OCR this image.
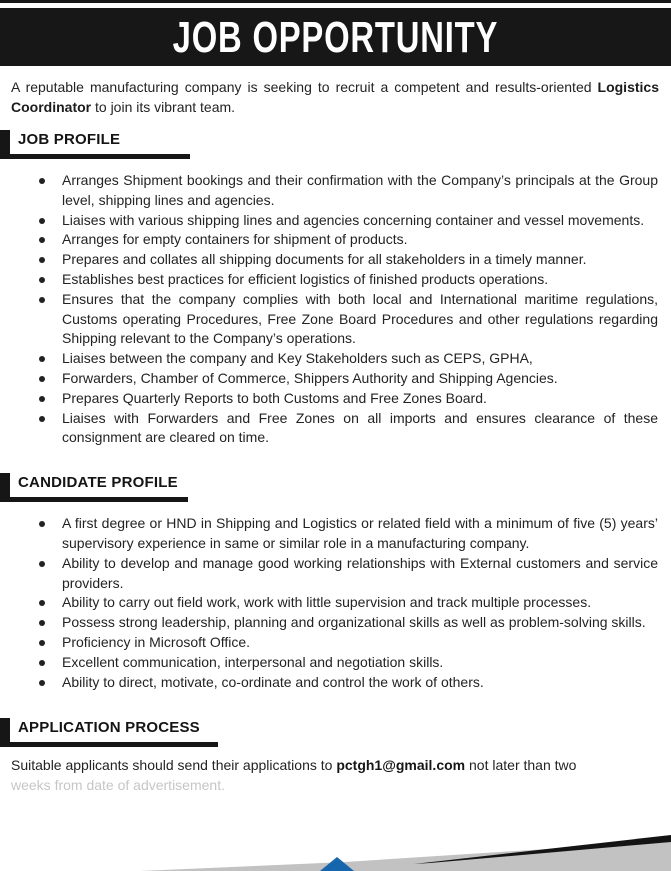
JOB OPPORTUNITY

A reputable manufacturing company is seeking to recruit a competent and results-oriented Logistics Coordinator to join its vibrant team.

JOB PROFILE
Arranges Shipment bookings and their confirmation with the Company’s principals at the Group level, shipping lines and agencies.
Liaises with various shipping lines and agencies concerning container and vessel movements.
Arranges for empty containers for shipment of products.
Prepares and collates all shipping documents for all stakeholders in a timely manner.
Establishes best practices for efficient logistics of finished products operations.
Ensures that the company complies with both local and International maritime regulations, Customs operating Procedures, Free Zone Board Procedures and other regulations regarding Shipping relevant to the Company’s operations.
Liaises between the company and Key Stakeholders such as CEPS, GPHA,
Forwarders, Chamber of Commerce, Shippers Authority and Shipping Agencies.
Prepares Quarterly Reports to both Customs and Free Zones Board.
Liaises with Forwarders and Free Zones on all imports and ensures clearance of these consignment are cleared on time.
CANDIDATE PROFILE
A first degree or HND in Shipping and Logistics or related field with a minimum of five (5) years’ supervisory experience in same or similar role in a manufacturing company.
Ability to develop and manage good working relationships with External customers and service providers.
Ability to carry out field work, work with little supervision and track multiple processes.
Possess strong leadership, planning and organizational skills as well as problem-solving skills.
Proficiency in Microsoft Office.
Excellent communication, interpersonal and negotiation skills.
Ability to direct, motivate, co-ordinate and control the work of others.
APPLICATION PROCESS

Suitable applicants should send their applications to pctgh1@gmail.com not later than two

weeks from date of advertisement.
